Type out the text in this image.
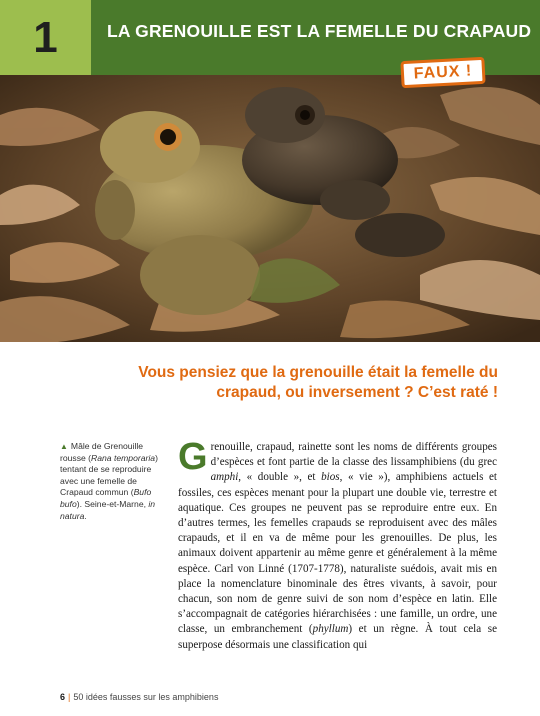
1	LA GRENOUILLE EST LA FEMELLE DU CRAPAUD
FAUX !
Vous pensiez que la grenouille était la femelle du crapaud, ou inversement ? C’est raté !
▲ Mâle de Grenouille rousse (Rana temporaria) tentant de se reproduire avec une femelle de Crapaud commun (Bufo bufo). Seine-et-Marne, in natura.
Grenouille, crapaud, rainette sont les noms de différents groupes d’espèces et font partie de la classe des lissamphibiens (du grec amphi, « double », et bios, « vie »), amphibiens actuels et fossiles, ces espèces menant pour la plupart une double vie, terrestre et aquatique. Ces groupes ne peuvent pas se reproduire entre eux. En d’autres termes, les femelles crapauds se reproduisent avec des mâles crapauds, et il en va de même pour les grenouilles. De plus, les animaux doivent appartenir au même genre et généralement à la même espèce. Carl von Linné (1707-1778), naturaliste suédois, avait mis en place la nomenclature binominale des êtres vivants, à savoir, pour chacun, son nom de genre suivi de son nom d’espèce en latin. Elle s’accompagnait de catégories hiérarchisées : une famille, un ordre, une classe, un embranchement (phyllum) et un règne. À tout cela se superpose désormais une classification qui
6 | 50 idées fausses sur les amphibiens
